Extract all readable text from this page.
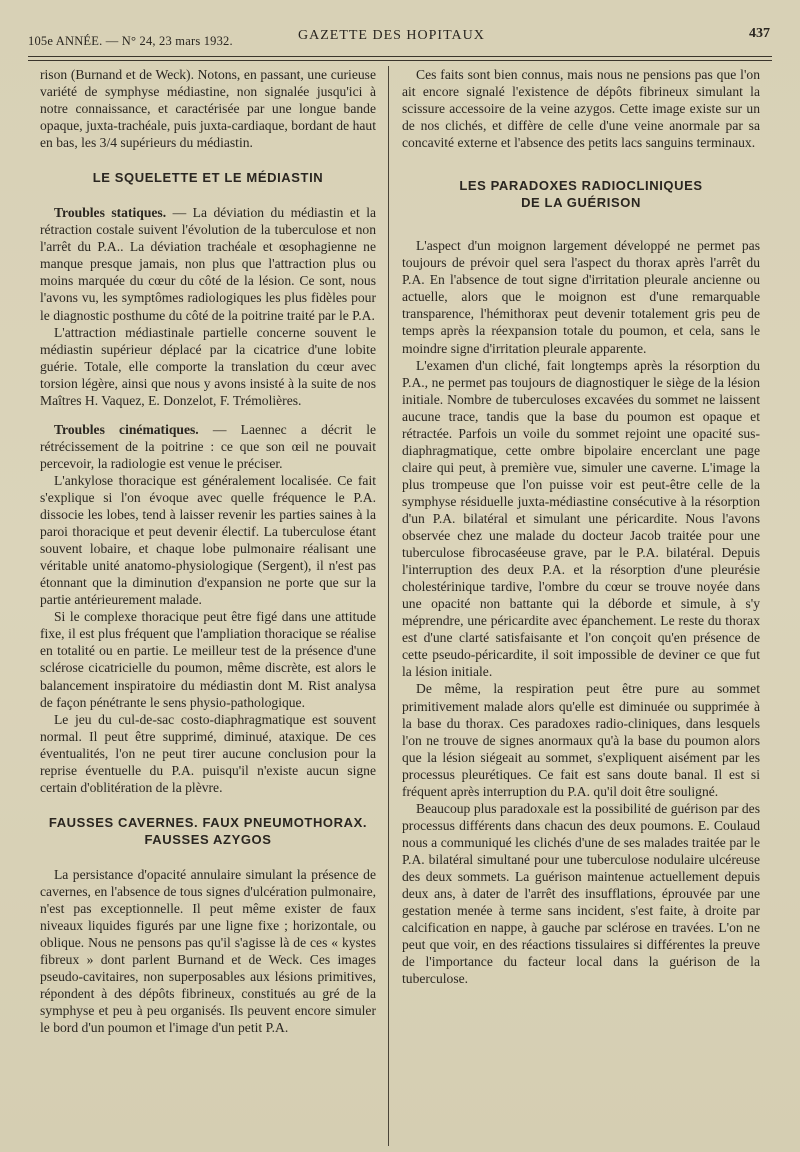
105e ANNÉE. — N° 24, 23 mars 1932.	GAZETTE DES HOPITAUX	437

rison (Burnand et de Weck). Notons, en passant, une curieuse variété de symphyse médiastine, non signalée jusqu'ici à notre connaissance, et caractérisée par une longue bande opaque, juxta-trachéale, puis juxta-cardiaque, bordant de haut en bas, les 3/4 supérieurs du médiastin.

LE SQUELETTE ET LE MÉDIASTIN

Troubles statiques. — La déviation du médiastin et la rétraction costale suivent l'évolution de la tuberculose et non l'arrêt du P.A.. La déviation trachéale et œsophagienne ne manque presque jamais, non plus que l'attraction plus ou moins marquée du cœur du côté de la lésion. Ce sont, nous l'avons vu, les symptômes radiologiques les plus fidèles pour le diagnostic posthume du côté de la poitrine traité par le P.A.

L'attraction médiastinale partielle concerne souvent le médiastin supérieur déplacé par la cicatrice d'une lobite guérie. Totale, elle comporte la translation du cœur avec torsion légère, ainsi que nous y avons insisté à la suite de nos Maîtres H. Vaquez, E. Donzelot, F. Trémolières.

Troubles cinématiques. — Laennec a décrit le rétrécissement de la poitrine : ce que son œil ne pouvait percevoir, la radiologie est venue le préciser.

L'ankylose thoracique est généralement localisée. Ce fait s'explique si l'on évoque avec quelle fréquence le P.A. dissocie les lobes, tend à laisser revenir les parties saines à la paroi thoracique et peut devenir électif. La tuberculose étant souvent lobaire, et chaque lobe pulmonaire réalisant une véritable unité anatomo-physiologique (Sergent), il n'est pas étonnant que la diminution d'expansion ne porte que sur la partie antérieurement malade.

Si le complexe thoracique peut être figé dans une attitude fixe, il est plus fréquent que l'ampliation thoracique se réalise en totalité ou en partie. Le meilleur test de la présence d'une sclérose cicatricielle du poumon, même discrète, est alors le balancement inspiratoire du médiastin dont M. Rist analysa de façon pénétrante le sens physio-pathologique.

Le jeu du cul-de-sac costo-diaphragmatique est souvent normal. Il peut être supprimé, diminué, ataxique. De ces éventualités, l'on ne peut tirer aucune conclusion pour la reprise éventuelle du P.A. puisqu'il n'existe aucun signe certain d'oblitération de la plèvre.

FAUSSES CAVERNES. FAUX PNEUMOTHORAX.
FAUSSES AZYGOS

La persistance d'opacité annulaire simulant la présence de cavernes, en l'absence de tous signes d'ulcération pulmonaire, n'est pas exceptionnelle. Il peut même exister de faux niveaux liquides figurés par une ligne fixe ; horizontale, ou oblique. Nous ne pensons pas qu'il s'agisse là de ces « kystes fibreux » dont parlent Burnand et de Weck. Ces images pseudo-cavitaires, non superposables aux lésions primitives, répondent à des dépôts fibrineux, constitués au gré de la symphyse et peu à peu organisés. Ils peuvent encore simuler le bord d'un poumon et l'image d'un petit P.A.

Ces faits sont bien connus, mais nous ne pensions pas que l'on ait encore signalé l'existence de dépôts fibrineux simulant la scissure accessoire de la veine azygos. Cette image existe sur un de nos clichés, et diffère de celle d'une veine anormale par sa concavité externe et l'absence des petits lacs sanguins terminaux.

LES PARADOXES RADIOCLINIQUES
DE LA GUÉRISON

L'aspect d'un moignon largement développé ne permet pas toujours de prévoir quel sera l'aspect du thorax après l'arrêt du P.A. En l'absence de tout signe d'irritation pleurale ancienne ou actuelle, alors que le moignon est d'une remarquable transparence, l'hémithorax peut devenir totalement gris peu de temps après la réexpansion totale du poumon, et cela, sans le moindre signe d'irritation pleurale apparente.

L'examen d'un cliché, fait longtemps après la résorption du P.A., ne permet pas toujours de diagnostiquer le siège de la lésion initiale. Nombre de tuberculoses excavées du sommet ne laissent aucune trace, tandis que la base du poumon est opaque et rétractée. Parfois un voile du sommet rejoint une opacité sus-diaphragmatique, cette ombre bipolaire encerclant une page claire qui peut, à première vue, simuler une caverne. L'image la plus trompeuse que l'on puisse voir est peut-être celle de la symphyse résiduelle juxta-médiastine consécutive à la résorption d'un P.A. bilatéral et simulant une péricardite. Nous l'avons observée chez une malade du docteur Jacob traitée pour une tuberculose fibrocaséeuse grave, par le P.A. bilatéral. Depuis l'interruption des deux P.A. et la résorption d'une pleurésie cholestérinique tardive, l'ombre du cœur se trouve noyée dans une opacité non battante qui la déborde et simule, à s'y méprendre, une péricardite avec épanchement. Le reste du thorax est d'une clarté satisfaisante et l'on conçoit qu'en présence de cette pseudo-péricardite, il soit impossible de deviner ce que fut la lésion initiale.

De même, la respiration peut être pure au sommet primitivement malade alors qu'elle est diminuée ou supprimée à la base du thorax. Ces paradoxes radio-cliniques, dans lesquels l'on ne trouve de signes anormaux qu'à la base du poumon alors que la lésion siégeait au sommet, s'expliquent aisément par les processus pleurétiques. Ce fait est sans doute banal. Il est si fréquent après interruption du P.A. qu'il doit être souligné.

Beaucoup plus paradoxale est la possibilité de guérison par des processus différents dans chacun des deux poumons. E. Coulaud nous a communiqué les clichés d'une de ses malades traitée par le P.A. bilatéral simultané pour une tuberculose nodulaire ulcéreuse des deux sommets. La guérison maintenue actuellement depuis deux ans, à dater de l'arrêt des insufflations, éprouvée par une gestation menée à terme sans incident, s'est faite, à droite par calcification en nappe, à gauche par sclérose en travées. L'on ne peut que voir, en des réactions tissulaires si différentes la preuve de l'importance du facteur local dans la guérison de la tuberculose.
